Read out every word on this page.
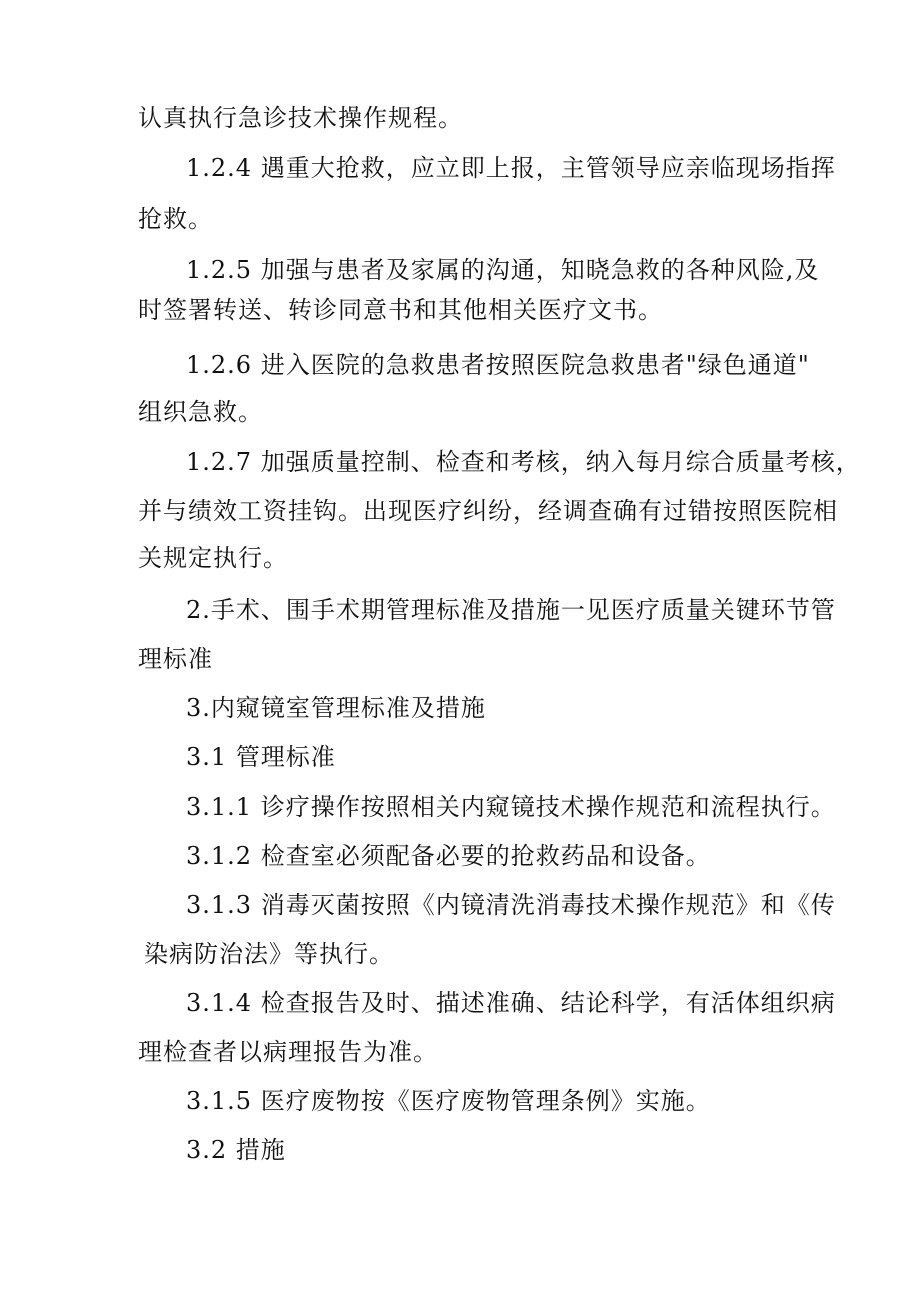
认真执行急诊技术操作规程。
1.2.4 遇重大抢救，应立即上报，主管领导应亲临现场指挥
抢救。
1.2.5 加强与患者及家属的沟通，知晓急救的各种风险,及
时签署转送、转诊同意书和其他相关医疗文书。
1.2.6 进入医院的急救患者按照医院急救患者"绿色通道"
组织急救。
1.2.7 加强质量控制、检查和考核，纳入每月综合质量考核，
并与绩效工资挂钩。出现医疗纠纷，经调查确有过错按照医院相
关规定执行。
2.手术、围手术期管理标准及措施一见医疗质量关键环节管
理标准
3.内窥镜室管理标准及措施
3.1 管理标准
3.1.1 诊疗操作按照相关内窥镜技术操作规范和流程执行。
3.1.2 检查室必须配备必要的抢救药品和设备。
3.1.3 消毒灭菌按照《内镜清洗消毒技术操作规范》和《传
染病防治法》等执行。
3.1.4 检查报告及时、描述准确、结论科学，有活体组织病
理检查者以病理报告为准。
3.1.5 医疗废物按《医疗废物管理条例》实施。
3.2 措施
